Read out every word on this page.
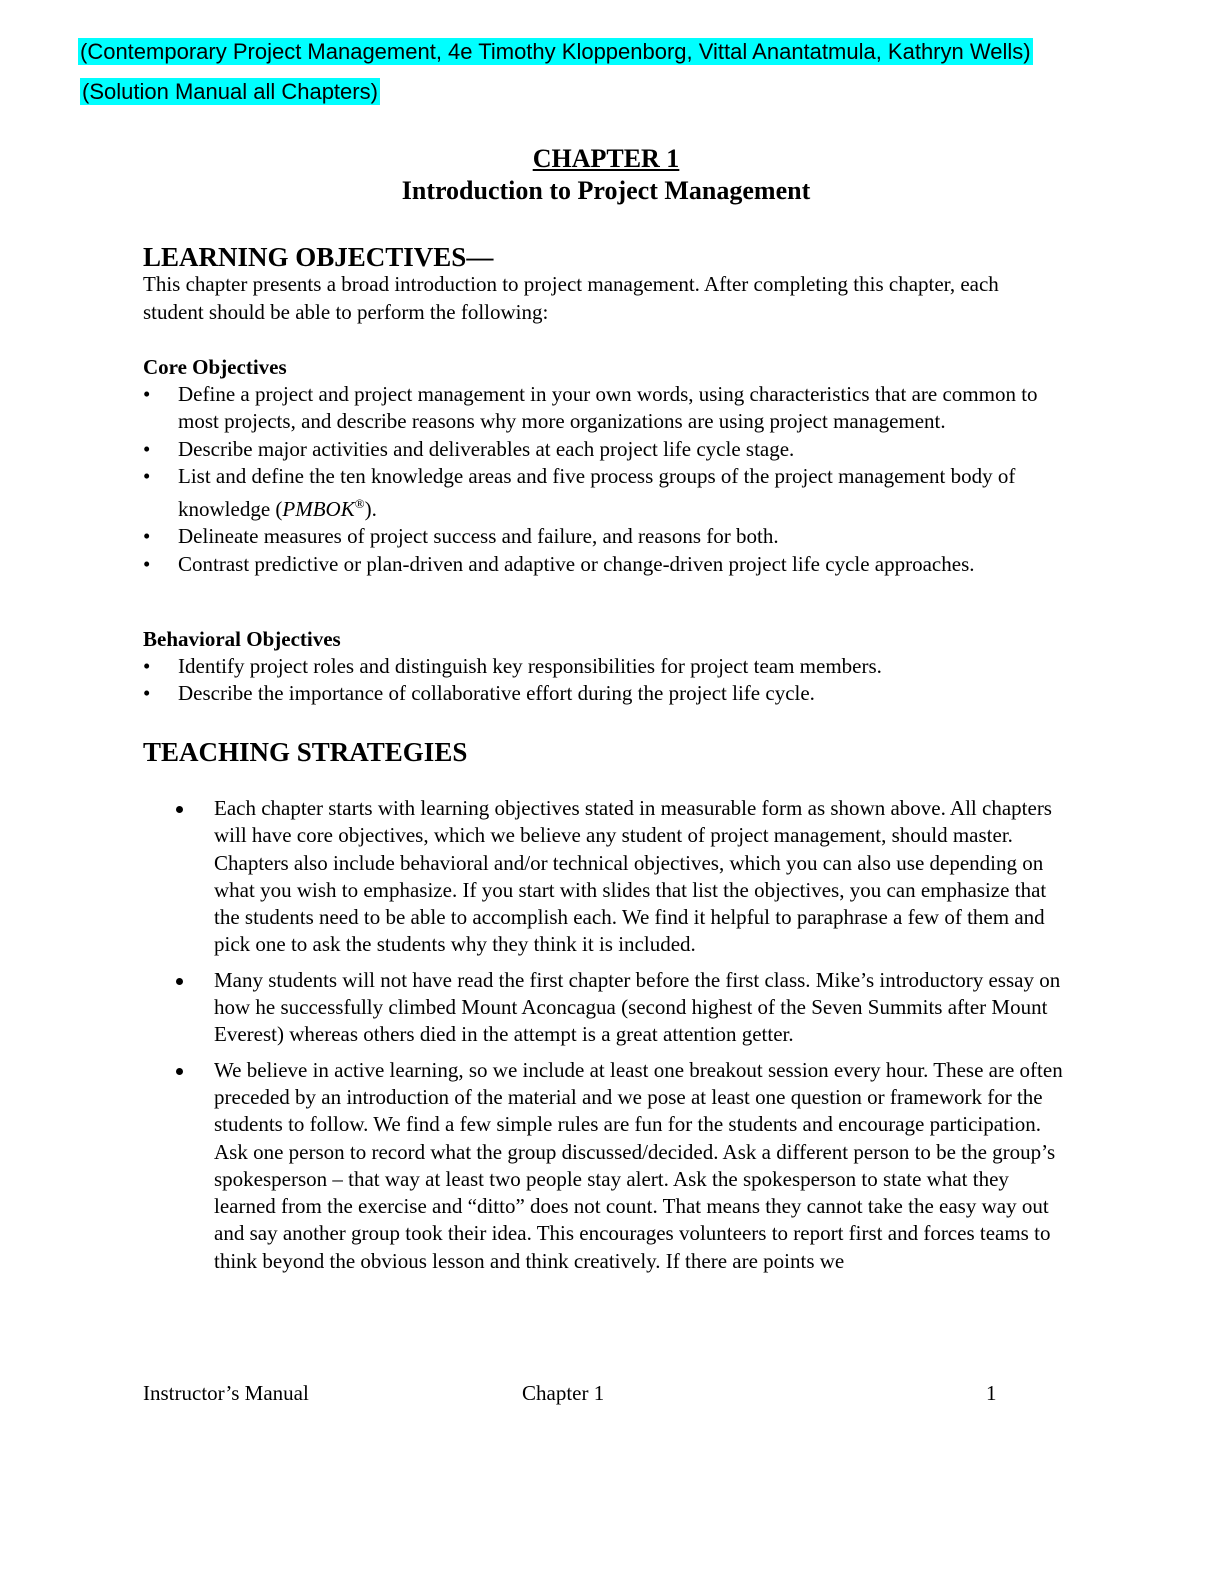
(Contemporary Project Management, 4e Timothy Kloppenborg, Vittal Anantatmula, Kathryn Wells)
(Solution Manual all Chapters)
CHAPTER 1
Introduction to Project Management
LEARNING OBJECTIVES—
This chapter presents a broad introduction to project management. After completing this chapter, each student should be able to perform the following:
Core Objectives
• Define a project and project management in your own words, using characteristics that are common to most projects, and describe reasons why more organizations are using project management.
• Describe major activities and deliverables at each project life cycle stage.
• List and define the ten knowledge areas and five process groups of the project management body of knowledge (PMBOK®).
• Delineate measures of project success and failure, and reasons for both.
• Contrast predictive or plan-driven and adaptive or change-driven project life cycle approaches.
Behavioral Objectives
• Identify project roles and distinguish key responsibilities for project team members.
• Describe the importance of collaborative effort during the project life cycle.
TEACHING STRATEGIES
Each chapter starts with learning objectives stated in measurable form as shown above. All chapters will have core objectives, which we believe any student of project management, should master. Chapters also include behavioral and/or technical objectives, which you can also use depending on what you wish to emphasize. If you start with slides that list the objectives, you can emphasize that the students need to be able to accomplish each. We find it helpful to paraphrase a few of them and pick one to ask the students why they think it is included.
Many students will not have read the first chapter before the first class. Mike’s introductory essay on how he successfully climbed Mount Aconcagua (second highest of the Seven Summits after Mount Everest) whereas others died in the attempt is a great attention getter.
We believe in active learning, so we include at least one breakout session every hour. These are often preceded by an introduction of the material and we pose at least one question or framework for the students to follow. We find a few simple rules are fun for the students and encourage participation. Ask one person to record what the group discussed/decided. Ask a different person to be the group’s spokesperson – that way at least two people stay alert. Ask the spokesperson to state what they learned from the exercise and “ditto” does not count. That means they cannot take the easy way out and say another group took their idea. This encourages volunteers to report first and forces teams to think beyond the obvious lesson and think creatively. If there are points we
Instructor’s Manual	Chapter 1	1
